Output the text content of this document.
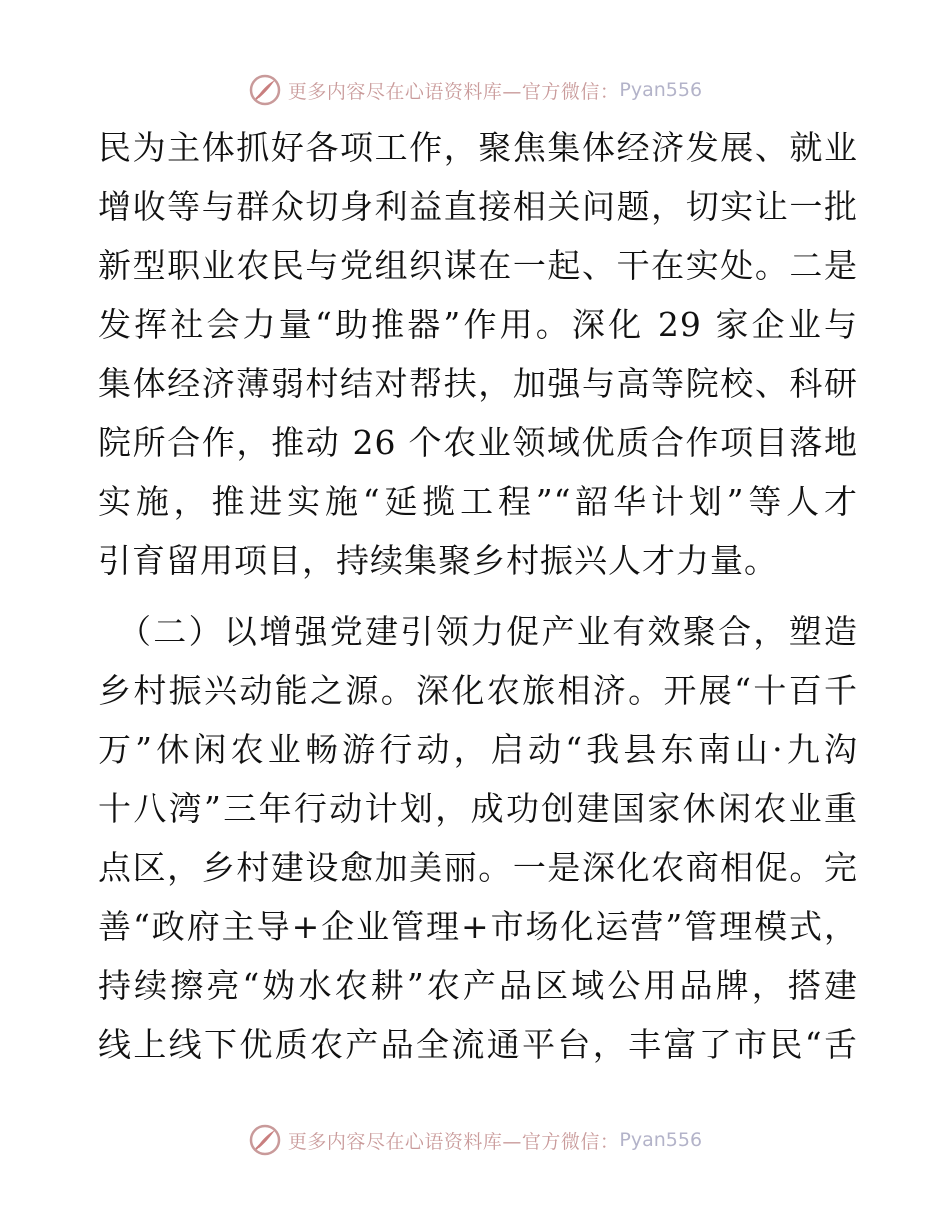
更多内容尽在心语资料库—官方微信： Pyan556
民为主体抓好各项工作，聚焦集体经济发展、就业
增收等与群众切身利益直接相关问题，切实让一批
新型职业农民与党组织谋在一起、干在实处。二是
发挥社会力量“助推器”作用。深化 29 家企业与
集体经济薄弱村结对帮扶，加强与高等院校、科研
院所合作，推动 26 个农业领域优质合作项目落地
实施，推进实施“延揽工程”“韶华计划”等人才
引育留用项目，持续集聚乡村振兴人才力量。
（二）以增强党建引领力促产业有效聚合，塑造
乡村振兴动能之源。深化农旅相济。开展“十百千
万”休闲农业畅游行动，启动“我县东南山·九沟
十八湾”三年行动计划，成功创建国家休闲农业重
点区，乡村建设愈加美丽。一是深化农商相促。完
善“政府主导+企业管理+市场化运营”管理模式，
持续擦亮“妫水农耕”农产品区域公用品牌，搭建
线上线下优质农产品全流通平台，丰富了市民“舌
更多内容尽在心语资料库—官方微信： Pyan556
